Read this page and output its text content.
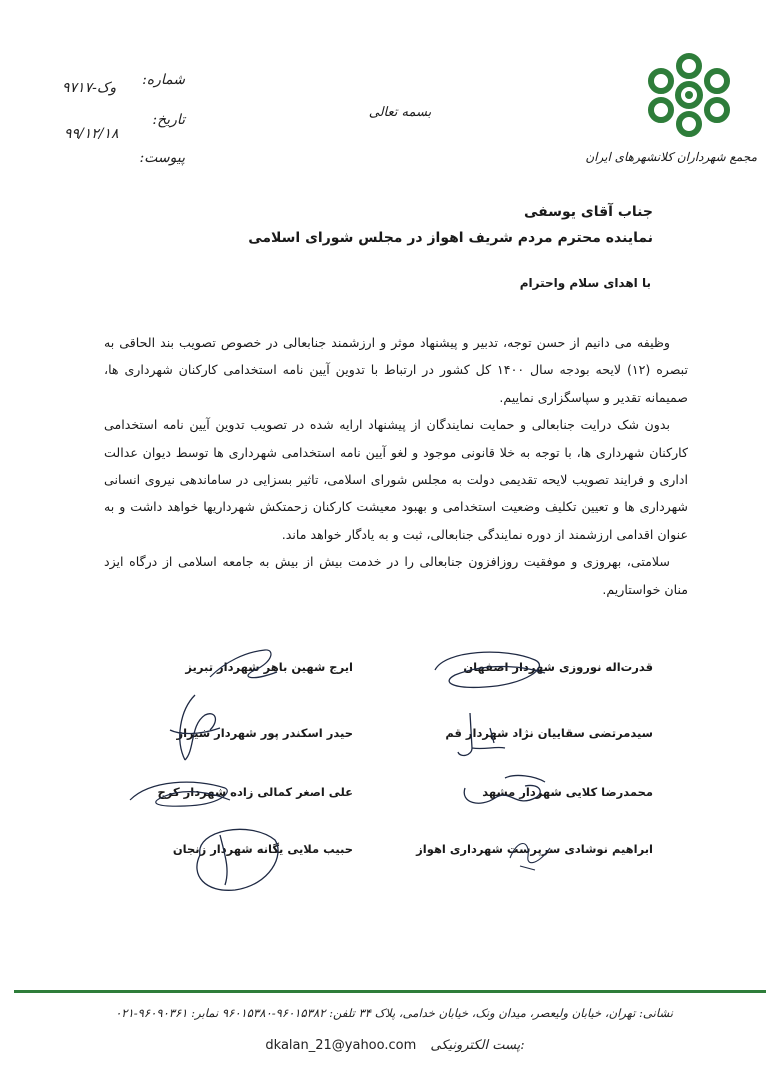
مجمع شهرداران کلانشهرهای ایران
بسمه تعالی
شماره:
۹۷۱۷-وک
تاریخ:
۹۹/۱۲/۱۸
پیوست:
جناب آقای یوسفی
نماینده محترم مردم شریف اهواز در مجلس شورای اسلامی
با اهدای سلام واحترام

وظیفه می دانیم از حسن توجه، تدبیر و پیشنهاد موثر و ارزشمند جنابعالی در خصوص تصویب بند الحاقی به تبصره (۱۲) لایحه بودجه سال ۱۴۰۰ کل کشور در ارتباط با تدوین آیین نامه استخدامی کارکنان شهرداری ها، صمیمانه تقدیر و سپاسگزاری نماییم.

بدون شک درایت جنابعالی و حمایت نمایندگان از پیشنهاد ارایه شده در تصویب تدوین آیین نامه استخدامی کارکنان شهرداری ها، با توجه به خلا قانونی موجود و لغو آیین نامه استخدامی شهرداری ها توسط دیوان عدالت اداری و فرایند تصویب لایحه تقدیمی دولت به مجلس شورای اسلامی، تاثیر بسزایی در ساماندهی نیروی انسانی شهرداری ها و تعیین تکلیف وضعیت استخدامی و بهبود معیشت کارکنان زحمتکش شهرداریها خواهد داشت و به عنوان اقدامی ارزشمند از دوره نمایندگی جنابعالی، ثبت و به یادگار خواهد ماند.

سلامتی، بهروزی و موفقیت روزافزون جنابعالی را در خدمت بیش از بیش به جامعه اسلامی از درگاه ایزد منان خواستاریم.

قدرت‌اله نوروزی شهردار اصفهان
سیدمرتضی سقاییان نژاد شهردار قم
محمدرضا کلایی شهردار مشهد
ابراهیم نوشادی سرپرست شهرداری اهواز
ایرج شهین باهر شهردار تبریز
حیدر اسکندر پور شهردار شیراز
علی اصغر کمالی زاده شهردار کرج
حبیب ملایی یگانه شهردار زنجان
نشانی: تهران، خیابان ولیعصر، میدان ونک، خیابان خدامی، پلاک ۳۴ تلفن: ۹۶۰۱۵۳۸۲-۹۶۰۱۵۳۸۰ نمابر: ۹۶۰۹۰۳۶۱-۰۲۱
dkalan_21@yahoo.com پست الکترونیکی:
